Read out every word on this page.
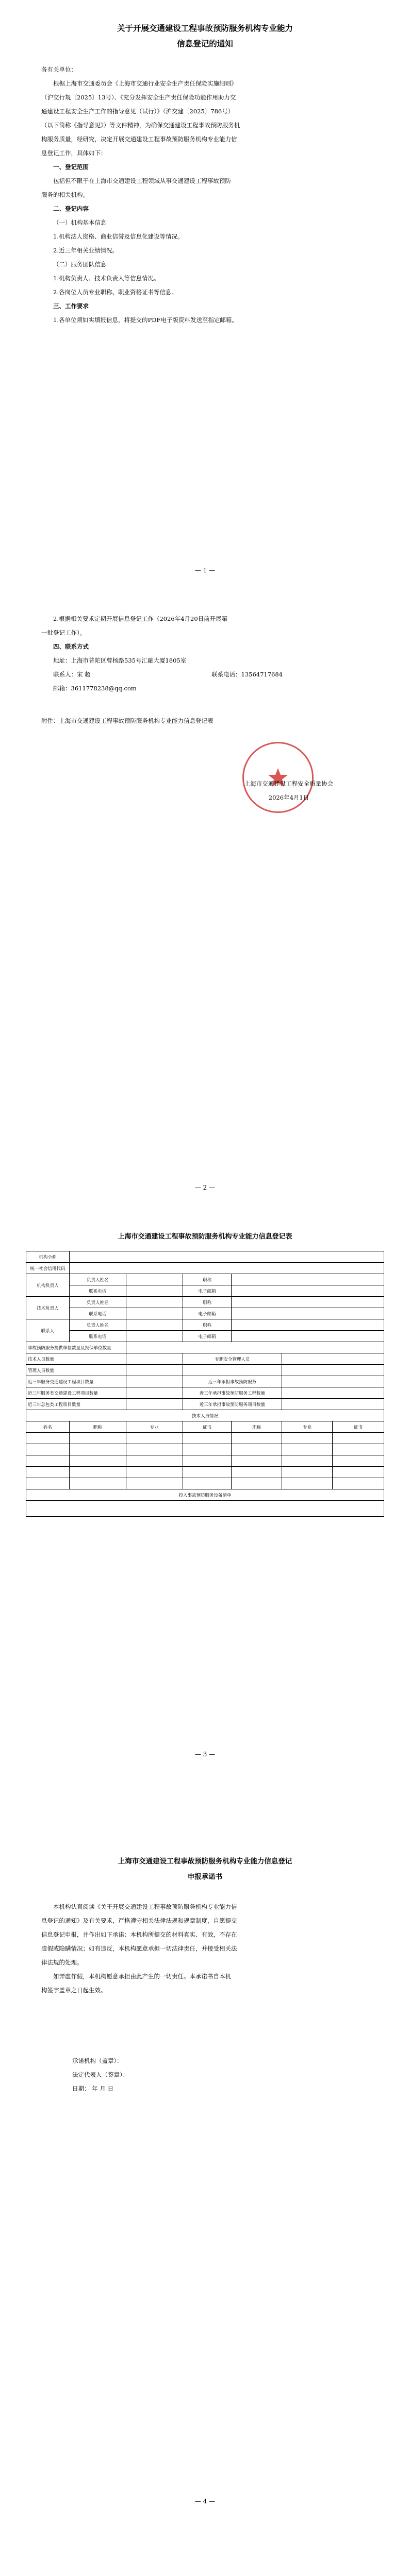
关于开展交通建设工程事故预防服务机构专业能力

信息登记的通知

各有关单位：

根据上海市交通委员会《上海市交通行业安全生产责任保险实施细则》

（沪交行规〔2025〕13号）、《充分发挥安全生产责任保险功能作用助力交

通建设工程安全生产工作的指导意见（试行）》（沪交建〔2025〕786号）

（以下简称《指导意见》）等文件精神，为确保交通建设工程事故预防服务机

构服务质量，经研究，决定开展交通建设工程事故预防服务机构专业能力信

息登记工作，具体如下：

一、登记范围

包括但不限于在上海市交通建设工程领域从事交通建设工程事故预防

服务的相关机构。

二、登记内容

（一）机构基本信息

1.机构法人资格、商业信誉及信息化建设等情况。

2.近三年相关业绩情况。

（二）服务团队信息

1.机构负责人、技术负责人等信息情况。

2.各岗位人员专业职称、职业资格证书等信息。

三、工作要求

1.各单位须如实填报信息，将提交的PDF电子版资料发送至指定邮箱。

— 1 —

2.根据相关要求定期开展信息登记工作（2026年4月20日前开展第

一批登记工作）。

四、联系方式

地址：上海市普陀区曹杨路535号汇融大厦1805室

联系人：宋 超	联系电话：13564717684

邮箱：3611778238@qq.com

附件：上海市交通建设工程事故预防服务机构专业能力信息登记表

上海市交通建设工程安全质量协会

2026年4月1日

— 2 —

上海市交通建设工程事故预防服务机构专业能力信息登记表

机构全称						
统一社会信用代码						
机构负责人	负责人姓名		职称			
	联系电话		电子邮箱			
技术负责人	负责人姓名		职称			
	联系电话		电子邮箱			
联系人	负责人姓名		职称			
	联系电话		电子邮箱			
事故预防服务提供单位数量及投保单位数量						
技术人员数量			专职安全管理人员			
管理人员数量						
近三年服务交通建设工程项目数量			近三年承担事故预防服务			
近三年服务类交通建设工程项目数量			近三年承担事故预防服务工程数量			
近三年总包类工程项目数量			近三年承担事故预防服务项目数量			
技术人员情况						
姓名	职称	专业	证书	职称	专业	证书

投入事故预防服务设备清单						

— 3 —

上海市交通建设工程事故预防服务机构专业能力信息登记

申报承诺书

本机构认真阅读《关于开展交通建设工程事故预防服务机构专业能力信

息登记的通知》及有关要求，严格遵守相关法律法规和规章制度，自愿提交

信息登记申报，并作出如下承诺：本机构所提交的材料真实、有效，不存在

虚假或隐瞒情况；如有违反，本机构愿意承担一切法律责任，并接受相关法

律法规的处理。

如弄虚作假，本机构愿意承担由此产生的一切责任。本承诺书自本机

构签字盖章之日起生效。

承诺机构（盖章）：

法定代表人（签章）：

日期： 年 月 日

— 4 —
